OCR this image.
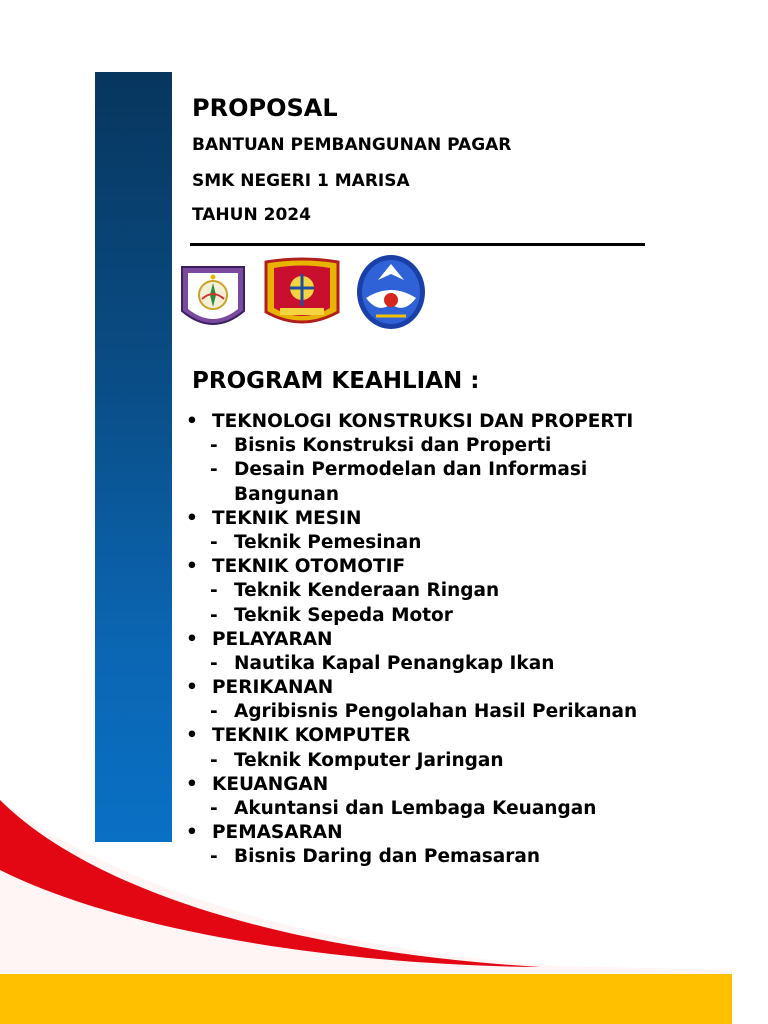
PROPOSAL
BANTUAN PEMBANGUNAN PAGAR
SMK NEGERI 1 MARISA
TAHUN 2024
PROGRAM KEAHLIAN :
• TEKNOLOGI KONSTRUKSI DAN PROPERTI
- Bisnis Konstruksi dan Properti
- Desain Permodelan dan Informasi
Bangunan
• TEKNIK MESIN
- Teknik Pemesinan
• TEKNIK OTOMOTIF
- Teknik Kenderaan Ringan
- Teknik Sepeda Motor
• PELAYARAN
- Nautika Kapal Penangkap Ikan
• PERIKANAN
- Agribisnis Pengolahan Hasil Perikanan
• TEKNIK KOMPUTER
- Teknik Komputer Jaringan
• KEUANGAN
- Akuntansi dan Lembaga Keuangan
• PEMASARAN
- Bisnis Daring dan Pemasaran
